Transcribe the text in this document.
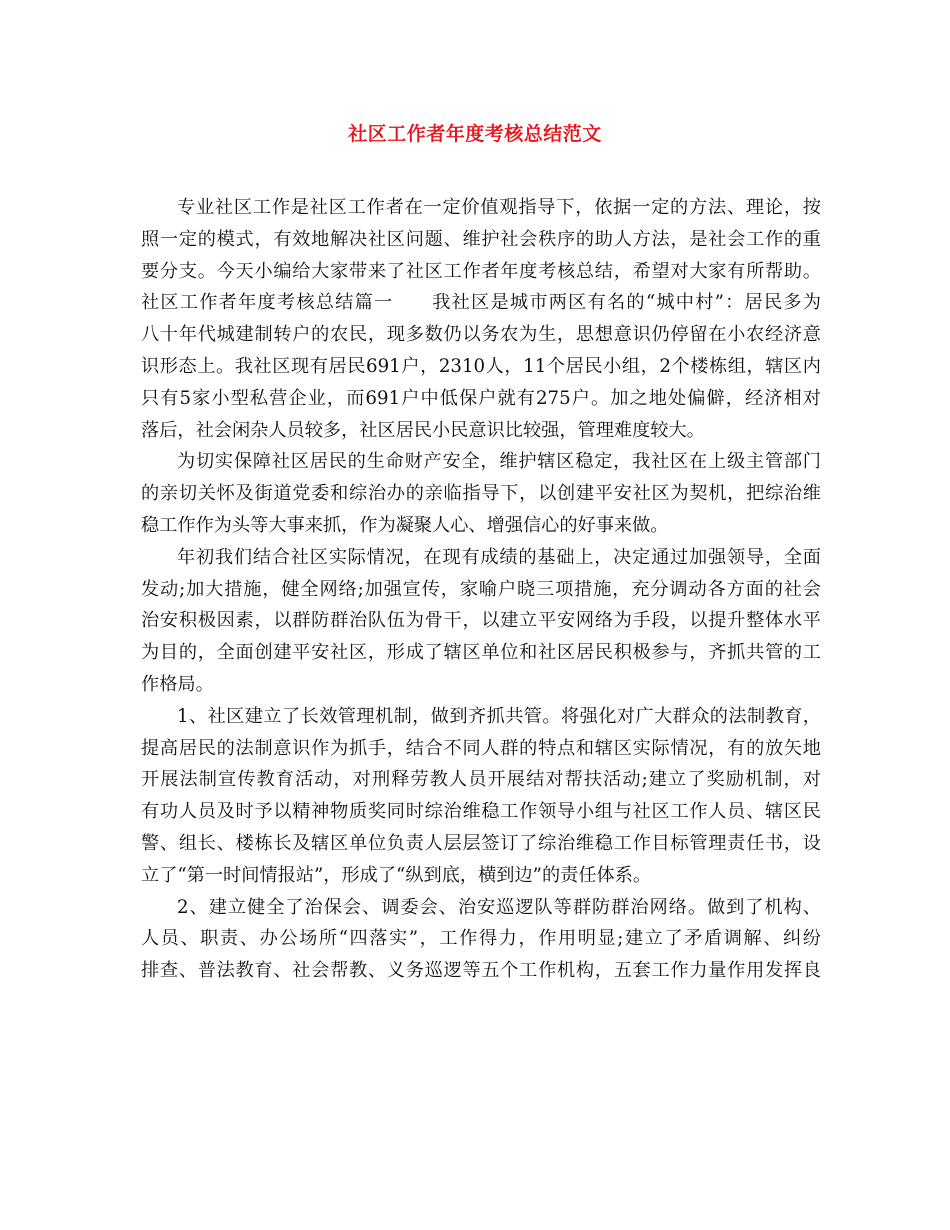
社区工作者年度考核总结范文
专业社区工作是社区工作者在一定价值观指导下，依据一定的方法、理论，按
照一定的模式，有效地解决社区问题、维护社会秩序的助人方法，是社会工作的重
要分支。今天小编给大家带来了社区工作者年度考核总结，希望对大家有所帮助。
社区工作者年度考核总结篇一　　我社区是城市两区有名的“城中村”：居民多为
八十年代城建制转户的农民，现多数仍以务农为生，思想意识仍停留在小农经济意
识形态上。我社区现有居民691户，2310人，11个居民小组，2个楼栋组，辖区内
只有5家小型私营企业，而691户中低保户就有275户。加之地处偏僻，经济相对
落后，社会闲杂人员较多，社区居民小民意识比较强，管理难度较大。
为切实保障社区居民的生命财产安全，维护辖区稳定，我社区在上级主管部门
的亲切关怀及街道党委和综治办的亲临指导下，以创建平安社区为契机，把综治维
稳工作作为头等大事来抓，作为凝聚人心、增强信心的好事来做。
年初我们结合社区实际情况，在现有成绩的基础上，决定通过加强领导，全面
发动;加大措施，健全网络;加强宣传，家喻户晓三项措施，充分调动各方面的社会
治安积极因素，以群防群治队伍为骨干，以建立平安网络为手段，以提升整体水平
为目的，全面创建平安社区，形成了辖区单位和社区居民积极参与，齐抓共管的工
作格局。
1、社区建立了长效管理机制，做到齐抓共管。将强化对广大群众的法制教育，
提高居民的法制意识作为抓手，结合不同人群的特点和辖区实际情况，有的放矢地
开展法制宣传教育活动，对刑释劳教人员开展结对帮扶活动;建立了奖励机制，对
有功人员及时予以精神物质奖同时综治维稳工作领导小组与社区工作人员、辖区民
警、组长、楼栋长及辖区单位负责人层层签订了综治维稳工作目标管理责任书，设
立了“第一时间情报站”，形成了“纵到底，横到边”的责任体系。
2、建立健全了治保会、调委会、治安巡逻队等群防群治网络。做到了机构、
人员、职责、办公场所“四落实”，工作得力，作用明显;建立了矛盾调解、纠纷
排查、普法教育、社会帮教、义务巡逻等五个工作机构，五套工作力量作用发挥良
